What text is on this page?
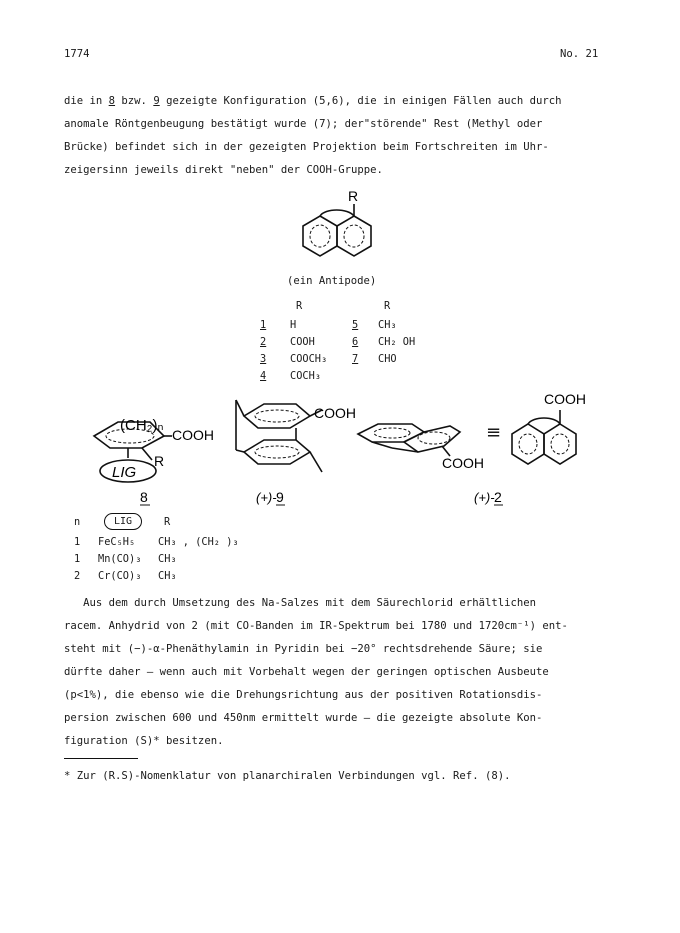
1774	No. 21
die in 8 bzw. 9 gezeigte Konfiguration (5,6), die in einigen Fällen auch durch
anomale Röntgenbeugung bestätigt wurde (7); der"störende" Rest (Methyl oder
Brücke) befindet sich in der gezeigten Projektion beim Fortschreiten im Uhr-
zeigersinn jeweils direkt "neben" der COOH-Gruppe.
R
(ein Antipode)
R	R
1 H	5 CH₃
2 COOH	6 CH₂ OH
3 COOCH₃ 7 CHO
4 COCH₃
(CH₂)ₙ
COOH
R
LIG
8
COOH
(+)- 9
COOH
≡
COOH
(+)- 2
n	LIG	R
1 FeC₅H₅ CH₃ , (CH₂ )₃
1 Mn(CO)₃ CH₃
2 Cr(CO)₃ CH₃
Aus dem durch Umsetzung des Na-Salzes mit dem Säurechlorid erhältlichen
racem. Anhydrid von 2 (mit CO-Banden im IR-Spektrum bei 1780 und 1720cm⁻¹) ent-
steht mit (−)-α-Phenäthylamin in Pyridin bei −20° rechtsdrehende Säure; sie
dürfte daher — wenn auch mit Vorbehalt wegen der geringen optischen Ausbeute
(p<1%), die ebenso wie die Drehungsrichtung aus der positiven Rotationsdis-
persion zwischen 600 und 450nm ermittelt wurde — die gezeigte absolute Kon-
figuration (S)* besitzen.
* Zur (R.S)-Nomenklatur von planarchiralen Verbindungen vgl. Ref. (8).
